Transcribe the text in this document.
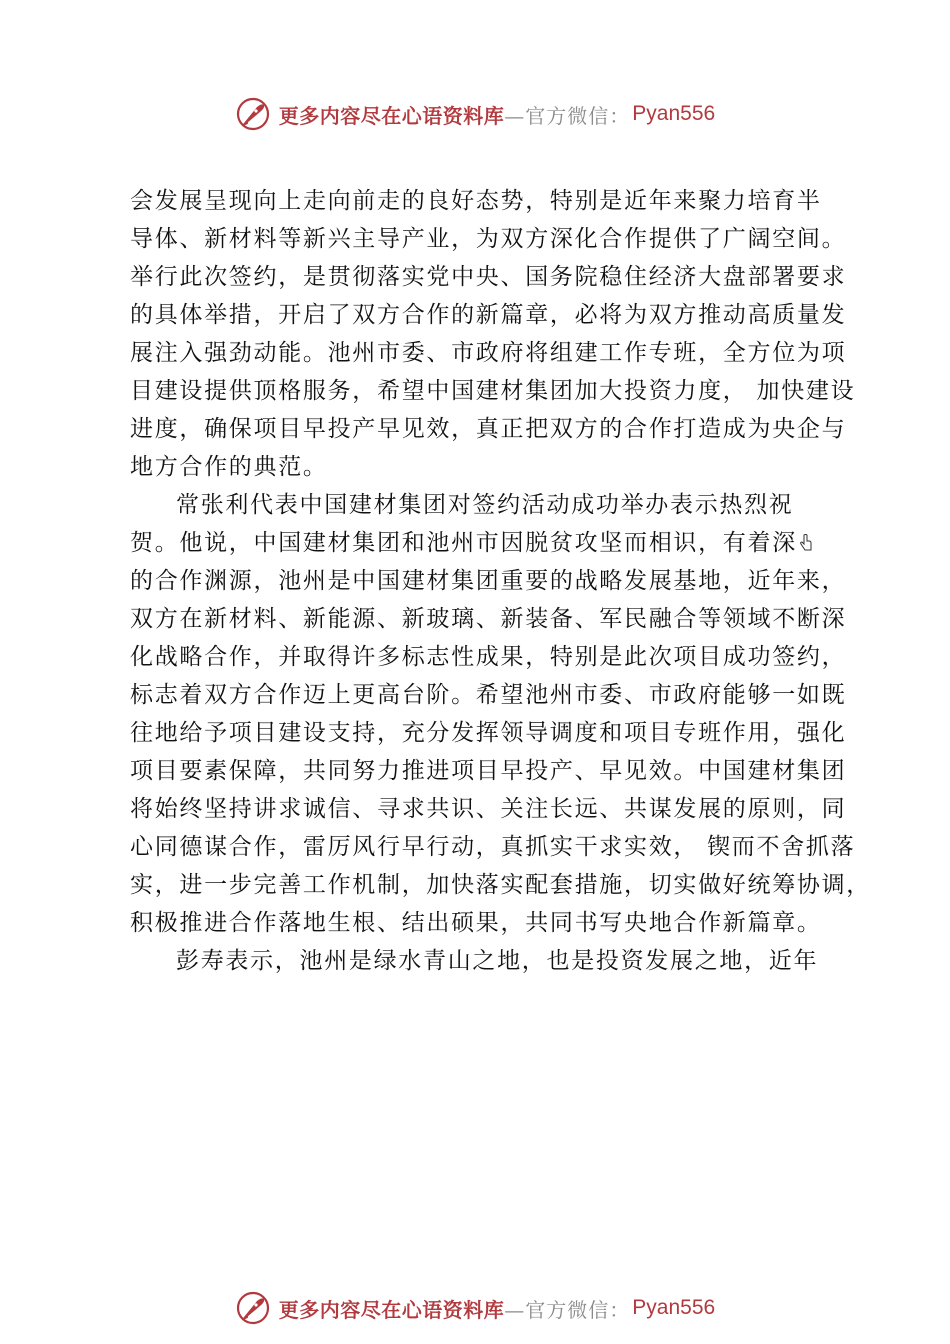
更多内容尽在心语资料库 —官方微信： Pyan556
会发展呈现向上走向前走的良好态势，特别是近年来聚力培育半
导体、新材料等新兴主导产业，为双方深化合作提供了广阔空间。
举行此次签约，是贯彻落实党中央、国务院稳住经济大盘部署要求
的具体举措，开启了双方合作的新篇章，必将为双方推动高质量发
展注入强劲动能。池州市委、市政府将组建工作专班，全方位为项
目建设提供顶格服务，希望中国建材集团加大投资力度， 加快建设
进度，确保项目早投产早见效，真正把双方的合作打造成为央企与
地方合作的典范。
常张利代表中国建材集团对签约活动成功举办表示热烈祝
贺。他说，中国建材集团和池州市因脱贫攻坚而相识，有着深
的合作渊源，池州是中国建材集团重要的战略发展基地，近年来，
双方在新材料、新能源、新玻璃、新装备、军民融合等领域不断深
化战略合作，并取得许多标志性成果，特别是此次项目成功签约，
标志着双方合作迈上更高台阶。希望池州市委、市政府能够一如既
往地给予项目建设支持，充分发挥领导调度和项目专班作用，强化
项目要素保障，共同努力推进项目早投产、早见效。中国建材集团
将始终坚持讲求诚信、寻求共识、关注长远、共谋发展的原则，同
心同德谋合作，雷厉风行早行动，真抓实干求实效， 锲而不舍抓落
实，进一步完善工作机制，加快落实配套措施，切实做好统筹协调，
积极推进合作落地生根、结出硕果，共同书写央地合作新篇章。
彭寿表示，池州是绿水青山之地，也是投资发展之地，近年
更多内容尽在心语资料库 —官方微信： Pyan556
